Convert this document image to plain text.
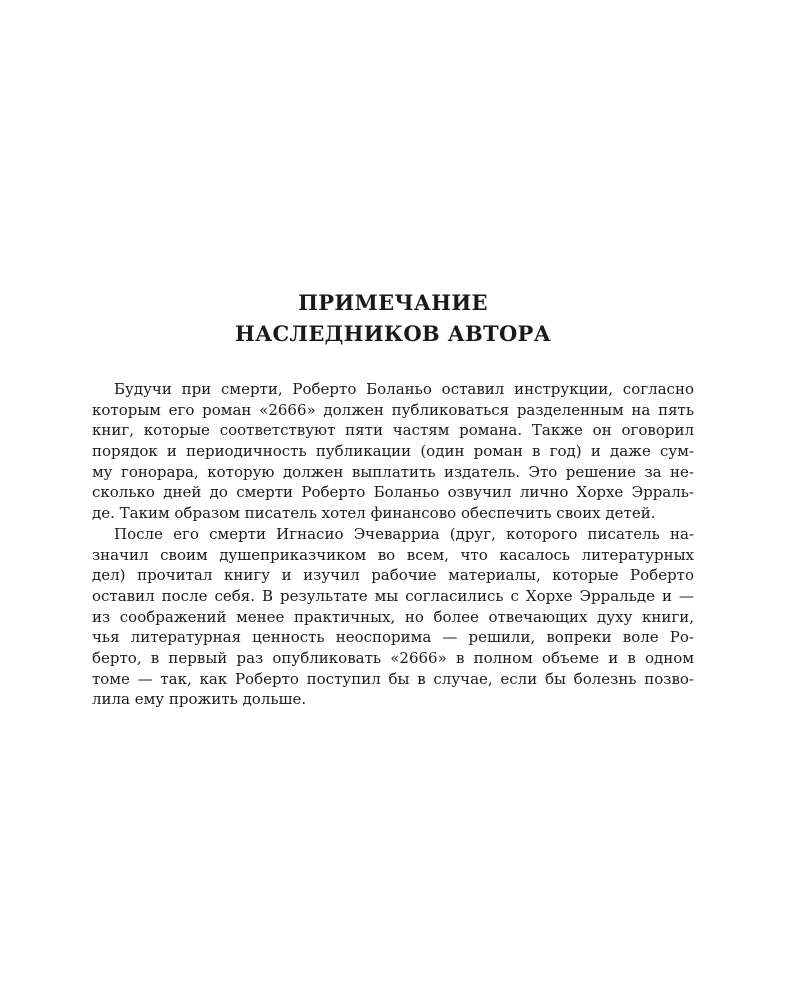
ПРИМЕЧАНИЕ
НАСЛЕДНИКОВ АВТОРА

Будучи при смерти, Роберто Боланьо оставил инструкции, согласно
которым его роман «2666» должен публиковаться разделенным на пять
книг, которые соответствуют пяти частям романа. Также он оговорил
порядок и периодичность публикации (один роман в год) и даже сум-
му гонорара, которую должен выплатить издатель. Это решение за не-
сколько дней до смерти Роберто Боланьо озвучил лично Хорхе Эрраль-
де. Таким образом писатель хотел финансово обеспечить своих детей.

После его смерти Игнасио Эчеварриа (друг, которого писатель на-
значил своим душеприказчиком во всем, что касалось литературных
дел) прочитал книгу и изучил рабочие материалы, которые Роберто
оставил после себя. В результате мы согласились с Хорхе Эрральде и —
из соображений менее практичных, но более отвечающих духу книги,
чья литературная ценность неоспорима — решили, вопреки воле Ро-
берто, в первый раз опубликовать «2666» в полном объеме и в одном
томе — так, как Роберто поступил бы в случае, если бы болезнь позво-
лила ему прожить дольше.
